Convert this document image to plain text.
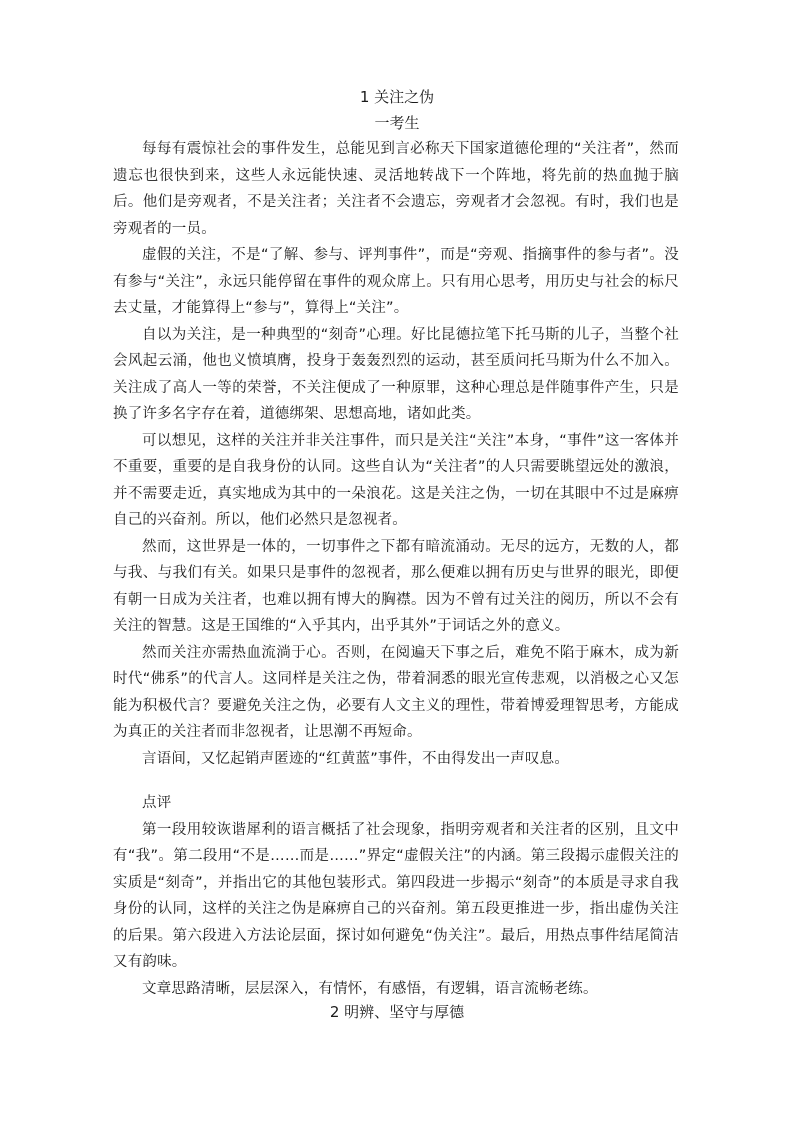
1 关注之伪
一考生

每每有震惊社会的事件发生，总能见到言必称天下国家道德伦理的“关注者”，然而遗忘也很快到来，这些人永远能快速、灵活地转战下一个阵地，将先前的热血抛于脑后。他们是旁观者，不是关注者；关注者不会遗忘，旁观者才会忽视。有时，我们也是旁观者的一员。

虚假的关注，不是“了解、参与、评判事件”，而是“旁观、指摘事件的参与者”。没有参与“关注”，永远只能停留在事件的观众席上。只有用心思考，用历史与社会的标尺去丈量，才能算得上“参与”，算得上“关注”。

自以为关注，是一种典型的“刻奇”心理。好比昆德拉笔下托马斯的儿子，当整个社会风起云涌，他也义愤填膺，投身于轰轰烈烈的运动，甚至质问托马斯为什么不加入。关注成了高人一等的荣誉，不关注便成了一种原罪，这种心理总是伴随事件产生，只是换了许多名字存在着，道德绑架、思想高地，诸如此类。

可以想见，这样的关注并非关注事件，而只是关注“关注”本身，“事件”这一客体并不重要，重要的是自我身份的认同。这些自认为“关注者”的人只需要眺望远处的激浪，并不需要走近，真实地成为其中的一朵浪花。这是关注之伪，一切在其眼中不过是麻痹自己的兴奋剂。所以，他们必然只是忽视者。

然而，这世界是一体的，一切事件之下都有暗流涌动。无尽的远方，无数的人，都与我、与我们有关。如果只是事件的忽视者，那么便难以拥有历史与世界的眼光，即便有朝一日成为关注者，也难以拥有博大的胸襟。因为不曾有过关注的阅历，所以不会有关注的智慧。这是王国维的“入乎其内，出乎其外”于词话之外的意义。

然而关注亦需热血流淌于心。否则，在阅遍天下事之后，难免不陷于麻木，成为新时代“佛系”的代言人。这同样是关注之伪，带着洞悉的眼光宣传悲观，以消极之心又怎能为积极代言？要避免关注之伪，必要有人文主义的理性，带着博爱理智思考，方能成为真正的关注者而非忽视者，让思潮不再短命。

言语间，又忆起销声匿迹的“红黄蓝”事件，不由得发出一声叹息。

点评

第一段用较诙谐犀利的语言概括了社会现象，指明旁观者和关注者的区别，且文中有“我”。第二段用“不是……而是……”界定“虚假关注”的内涵。第三段揭示虚假关注的实质是“刻奇”，并指出它的其他包装形式。第四段进一步揭示“刻奇”的本质是寻求自我身份的认同，这样的关注之伪是麻痹自己的兴奋剂。第五段更推进一步，指出虚伪关注的后果。第六段进入方法论层面，探讨如何避免“伪关注”。最后，用热点事件结尾简洁又有韵味。

文章思路清晰，层层深入，有情怀，有感悟，有逻辑，语言流畅老练。

2 明辨、坚守与厚德
